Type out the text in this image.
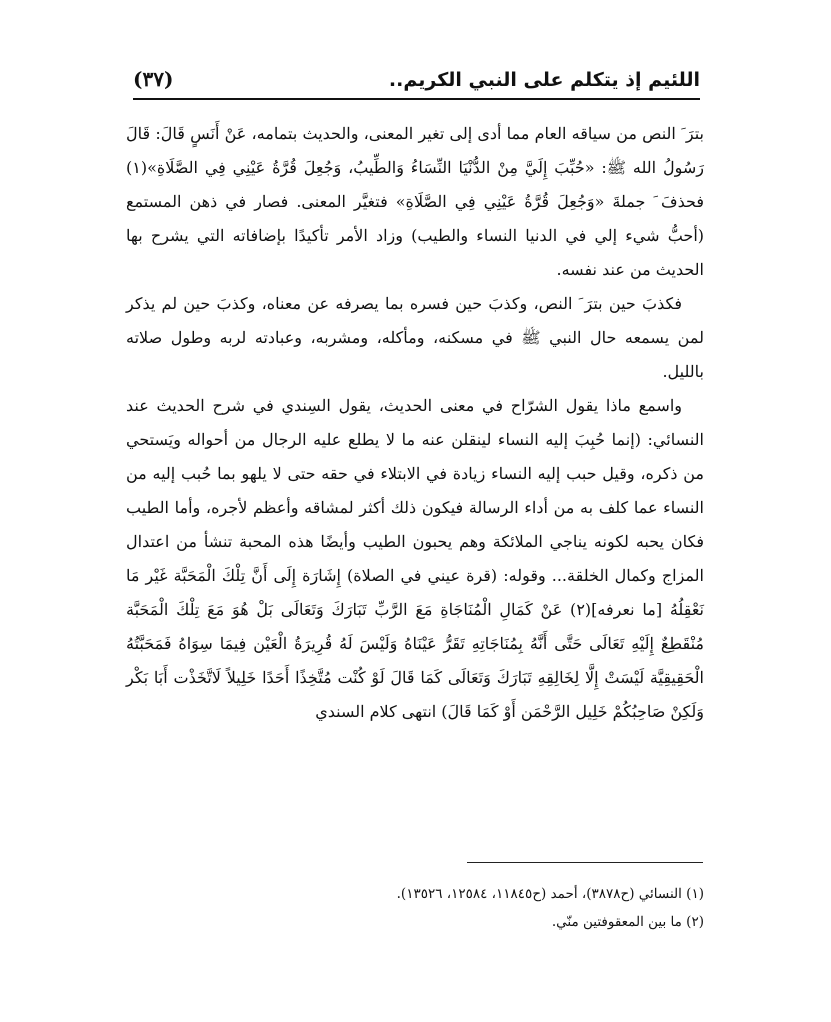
اللئيم إذ يتكلم على النبي الكريم..
(٣٧)

بترَ َ النص من سياقه العام مما أدى إلى تغير المعنى، والحديث بتمامه، عَنْ أَنَسٍ قَالَ: قَالَ رَسُولُ الله ﷺ: «حُبِّبَ إِلَيَّ مِنْ الدُّنْيَا النِّسَاءُ وَالطِّيبُ، وَجُعِلَ قُرَّةُ عَيْنِي فِي الصَّلَاةِ»(١) فحذفَ َ جملةَ «وَجُعِلَ قُرَّةُ عَيْنِي فِي الصَّلَاةِ» فتغيَّر المعنى. فصار في ذهن المستمع (أحبُّ شيء إلي في الدنيا النساء والطيب) وزاد الأمر تأكيدًا بإضافاته التي يشرح بها الحديث من عند نفسه.

فكذبَ حين بترَ َ النص، وكذبَ حين فسره بما يصرفه عن معناه، وكذبَ حين لم يذكر لمن يسمعه حال النبي ﷺ في مسكنه، ومأكله، ومشربه، وعبادته لربه وطول صلاته بالليل.

واسمع ماذا يقول الشرّاح في معنى الحديث، يقول السِندي في شرح الحديث عند النسائي: (إنما حُبِبَ إليه النساء لينقلن عنه ما لا يطلع عليه الرجال من أحواله ويَستحي من ذكره، وقيل حبب إليه النساء زيادة في الابتلاء في حقه حتى لا يلهو بما حُبب إليه من النساء عما كلف به من أداء الرسالة فيكون ذلك أكثر لمشاقه وأعظم لأجره، وأما الطيب فكان يحبه لكونه يناجي الملائكة وهم يحبون الطيب وأيضًا هذه المحبة تنشأ من اعتدال المزاج وكمال الخلقة... وقوله: (قرة عيني في الصلاة) إِشَارَة إِلَى أَنَّ تِلْكَ الْمَحَبَّة غَيْر مَا نَعْقِلُهُ [ما نعرفه](٢) عَنْ كَمَالِ الْمُنَاجَاةِ مَعَ الرَّبِّ تَبَارَكَ وَتَعَالَى بَلْ هُوَ مَعَ تِلْكَ الْمَحَبَّة مُنْقَطِعٌ إِلَيْهِ تَعَالَى حَتَّى أَنَّهُ بِمُنَاجَاتِهِ تَقَرُّ عَيْنَاهُ وَلَيْسَ لَهُ قُرِيرَةُ الْعَيْن فِيمَا سِوَاهُ فَمَحَبَّتُهُ الْحَقِيقِيَّة لَيْسَتْ إِلَّا لِخَالِقِهِ تَبَارَكَ وَتَعَالَى كَمَا قَالَ لَوْ كُنْت مُتَّخِذًا أَحَدًا خَلِيلاً لَاتَّخَذْت أَبَا بَكْر وَلَكِنْ صَاحِبُكُمْ خَلِيل الرَّحْمَن أَوْ كَمَا قَالَ) انتهى كلام السندي

(١) النسائي (ح٣٨٧٨)، أحمد (ح١١٨٤٥، ١٢٥٨٤، ١٣٥٢٦).
(٢) ما بين المعقوفتين منّي.
